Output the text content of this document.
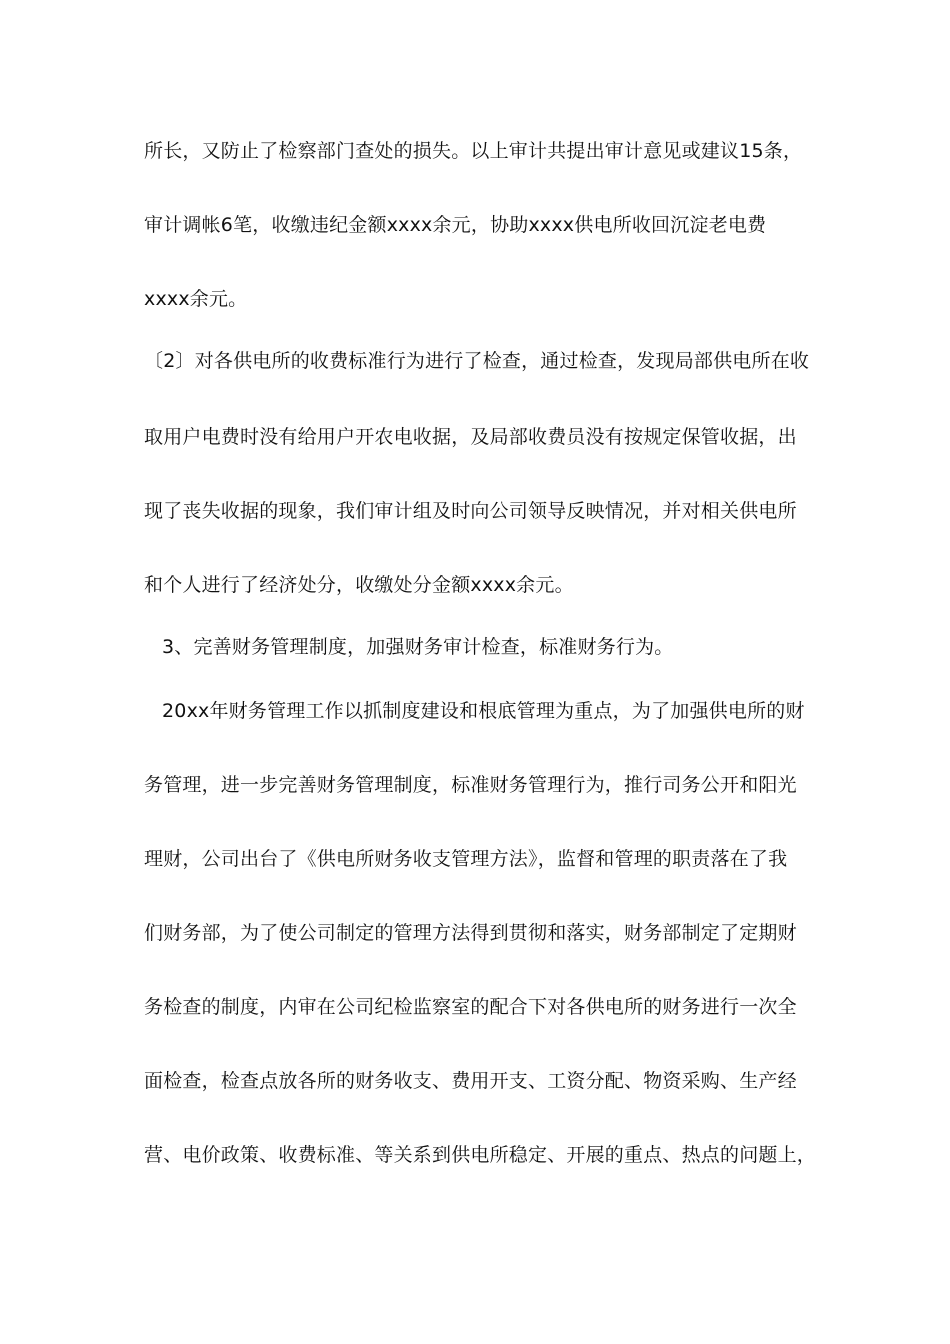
所长，又防止了检察部门查处的损失。以上审计共提出审计意见或建议15条，
审计调帐6笔，收缴违纪金额xxxx余元，协助xxxx供电所收回沉淀老电费
xxxx余元。
〔2〕对各供电所的收费标准行为进行了检查，通过检查，发现局部供电所在收
取用户电费时没有给用户开农电收据，及局部收费员没有按规定保管收据，出
现了丧失收据的现象，我们审计组及时向公司领导反映情况，并对相关供电所
和个人进行了经济处分，收缴处分金额xxxx余元。
3、完善财务管理制度，加强财务审计检查，标准财务行为。
20xx年财务管理工作以抓制度建设和根底管理为重点，为了加强供电所的财
务管理，进一步完善财务管理制度，标准财务管理行为，推行司务公开和阳光
理财，公司出台了《供电所财务收支管理方法》，监督和管理的职责落在了我
们财务部，为了使公司制定的管理方法得到贯彻和落实，财务部制定了定期财
务检查的制度，内审在公司纪检监察室的配合下对各供电所的财务进行一次全
面检查，检查点放各所的财务收支、费用开支、工资分配、物资采购、生产经
营、电价政策、收费标准、等关系到供电所稳定、开展的重点、热点的问题上，
